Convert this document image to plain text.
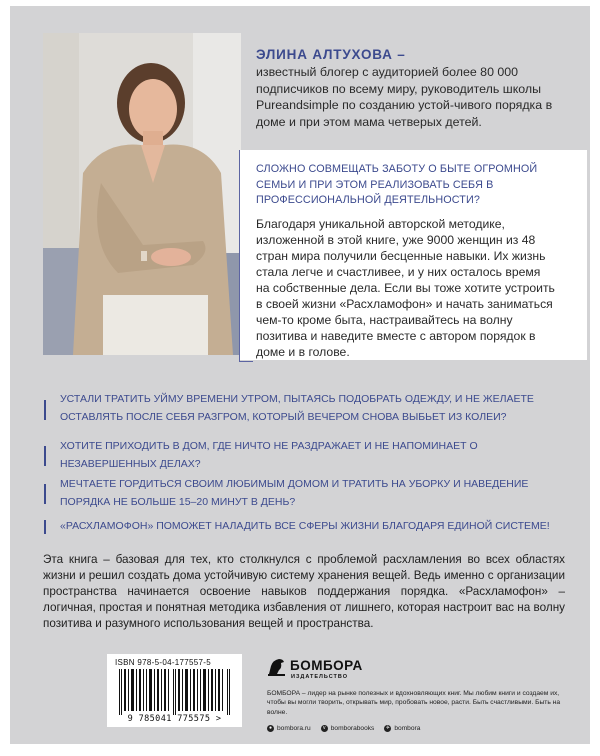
ЭЛИНА АЛТУХОВА –
известный блогер с аудиторией более 80 000 подписчиков по всему миру, руководитель школы Pureandsimple по созданию устой-чивого порядка в доме и при этом мама четверых детей.
СЛОЖНО СОВМЕЩАТЬ ЗАБОТУ О БЫТЕ ОГРОМНОЙ СЕМЬИ И ПРИ ЭТОМ РЕАЛИЗОВАТЬ СЕБЯ В ПРОФЕССИОНАЛЬНОЙ ДЕЯТЕЛЬНОСТИ?
Благодаря уникальной авторской методике, изложенной в этой книге, уже 9000 женщин из 48 стран мира получили бесценные навыки. Их жизнь стала легче и счастливее, и у них осталось время на собственные дела. Если вы тоже хотите устроить в своей жизни «Расхламофон» и начать заниматься чем-то кроме быта, настраивайтесь на волну позитива и наведите вместе с автором порядок в доме и в голове.
УСТАЛИ ТРАТИТЬ УЙМУ ВРЕМЕНИ УТРОМ, ПЫТАЯСЬ ПОДОБРАТЬ ОДЕЖДУ, И НЕ ЖЕЛАЕТЕ ОСТАВЛЯТЬ ПОСЛЕ СЕБЯ РАЗГРОМ, КОТОРЫЙ ВЕЧЕРОМ СНОВА ВЫБЬЕТ ИЗ КОЛЕИ?
ХОТИТЕ ПРИХОДИТЬ В ДОМ, ГДЕ НИЧТО НЕ РАЗДРАЖАЕТ И НЕ НАПОМИНАЕТ О НЕЗАВЕРШЕННЫХ ДЕЛАХ?
МЕЧТАЕТЕ ГОРДИТЬСЯ СВОИМ ЛЮБИМЫМ ДОМОМ И ТРАТИТЬ НА УБОРКУ И НАВЕДЕНИЕ ПОРЯДКА НЕ БОЛЬШЕ 15–20 МИНУТ В ДЕНЬ?
«РАСХЛАМОФОН» ПОМОЖЕТ НАЛАДИТЬ ВСЕ СФЕРЫ ЖИЗНИ БЛАГОДАРЯ ЕДИНОЙ СИСТЕМЕ!
Эта книга – базовая для тех, кто столкнулся с проблемой расхламления во всех областях жизни и решил создать дома устойчивую систему хранения вещей. Ведь именно с организации пространства начинается освоение навыков поддержания порядка. «Расхламофон» – логичная, простая и понятная методика избавления от лишнего, которая настроит вас на волну позитива и разумного использования вещей и пространства.
ISBN 978-5-04-177557-5
9 785041 775575 >
БОМБОРА
ИЗДАТЕЛЬСТВО
БОМБОРА – лидер на рынке полезных и вдохновляющих книг. Мы любим книги и создаем их, чтобы вы могли творить, открывать мир, пробовать новое, расти. Быть счастливыми. Быть на волне.
● bombora.ru	v bomborabooks ✈ bombora
